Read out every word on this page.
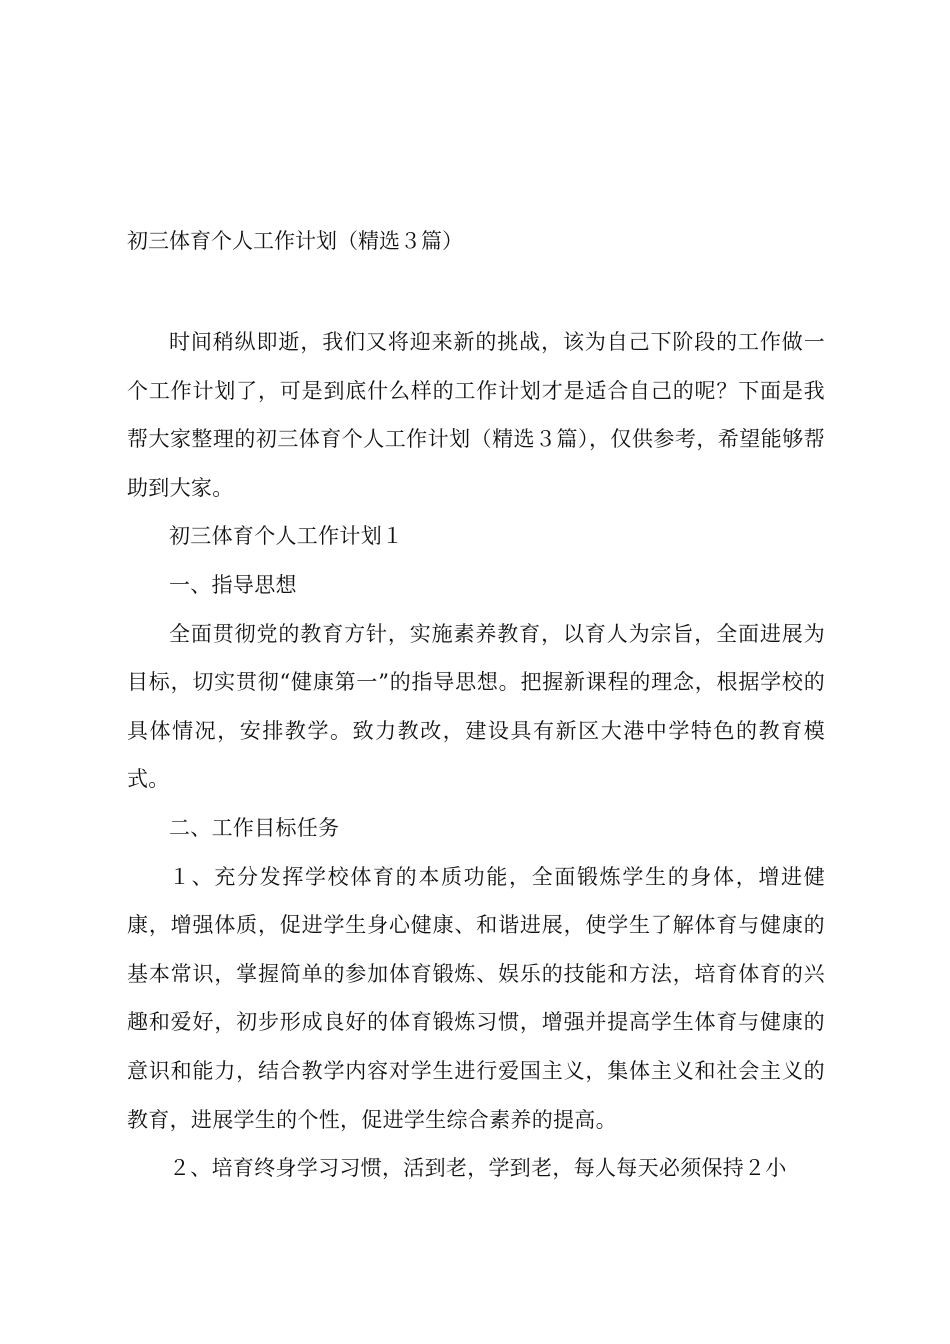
初三体育个人工作计划（精选３篇）

时间稍纵即逝，我们又将迎来新的挑战，该为自己下阶段的工作做一个工作计划了，可是到底什么样的工作计划才是适合自己的呢？下面是我帮大家整理的初三体育个人工作计划（精选３篇），仅供参考，希望能够帮助到大家。

初三体育个人工作计划１

一、指导思想

全面贯彻党的教育方针，实施素养教育，以育人为宗旨，全面进展为目标，切实贯彻“健康第一”的指导思想。把握新课程的理念，根据学校的具体情况，安排教学。致力教改，建设具有新区大港中学特色的教育模式。

二、工作目标任务

１、充分发挥学校体育的本质功能，全面锻炼学生的身体，增进健康，增强体质，促进学生身心健康、和谐进展，使学生了解体育与健康的基本常识，掌握简单的参加体育锻炼、娱乐的技能和方法，培育体育的兴趣和爱好，初步形成良好的体育锻炼习惯，增强并提高学生体育与健康的意识和能力，结合教学内容对学生进行爱国主义，集体主义和社会主义的教育，进展学生的个性，促进学生综合素养的提高。

２、培育终身学习习惯，活到老，学到老，每人每天必须保持２小
